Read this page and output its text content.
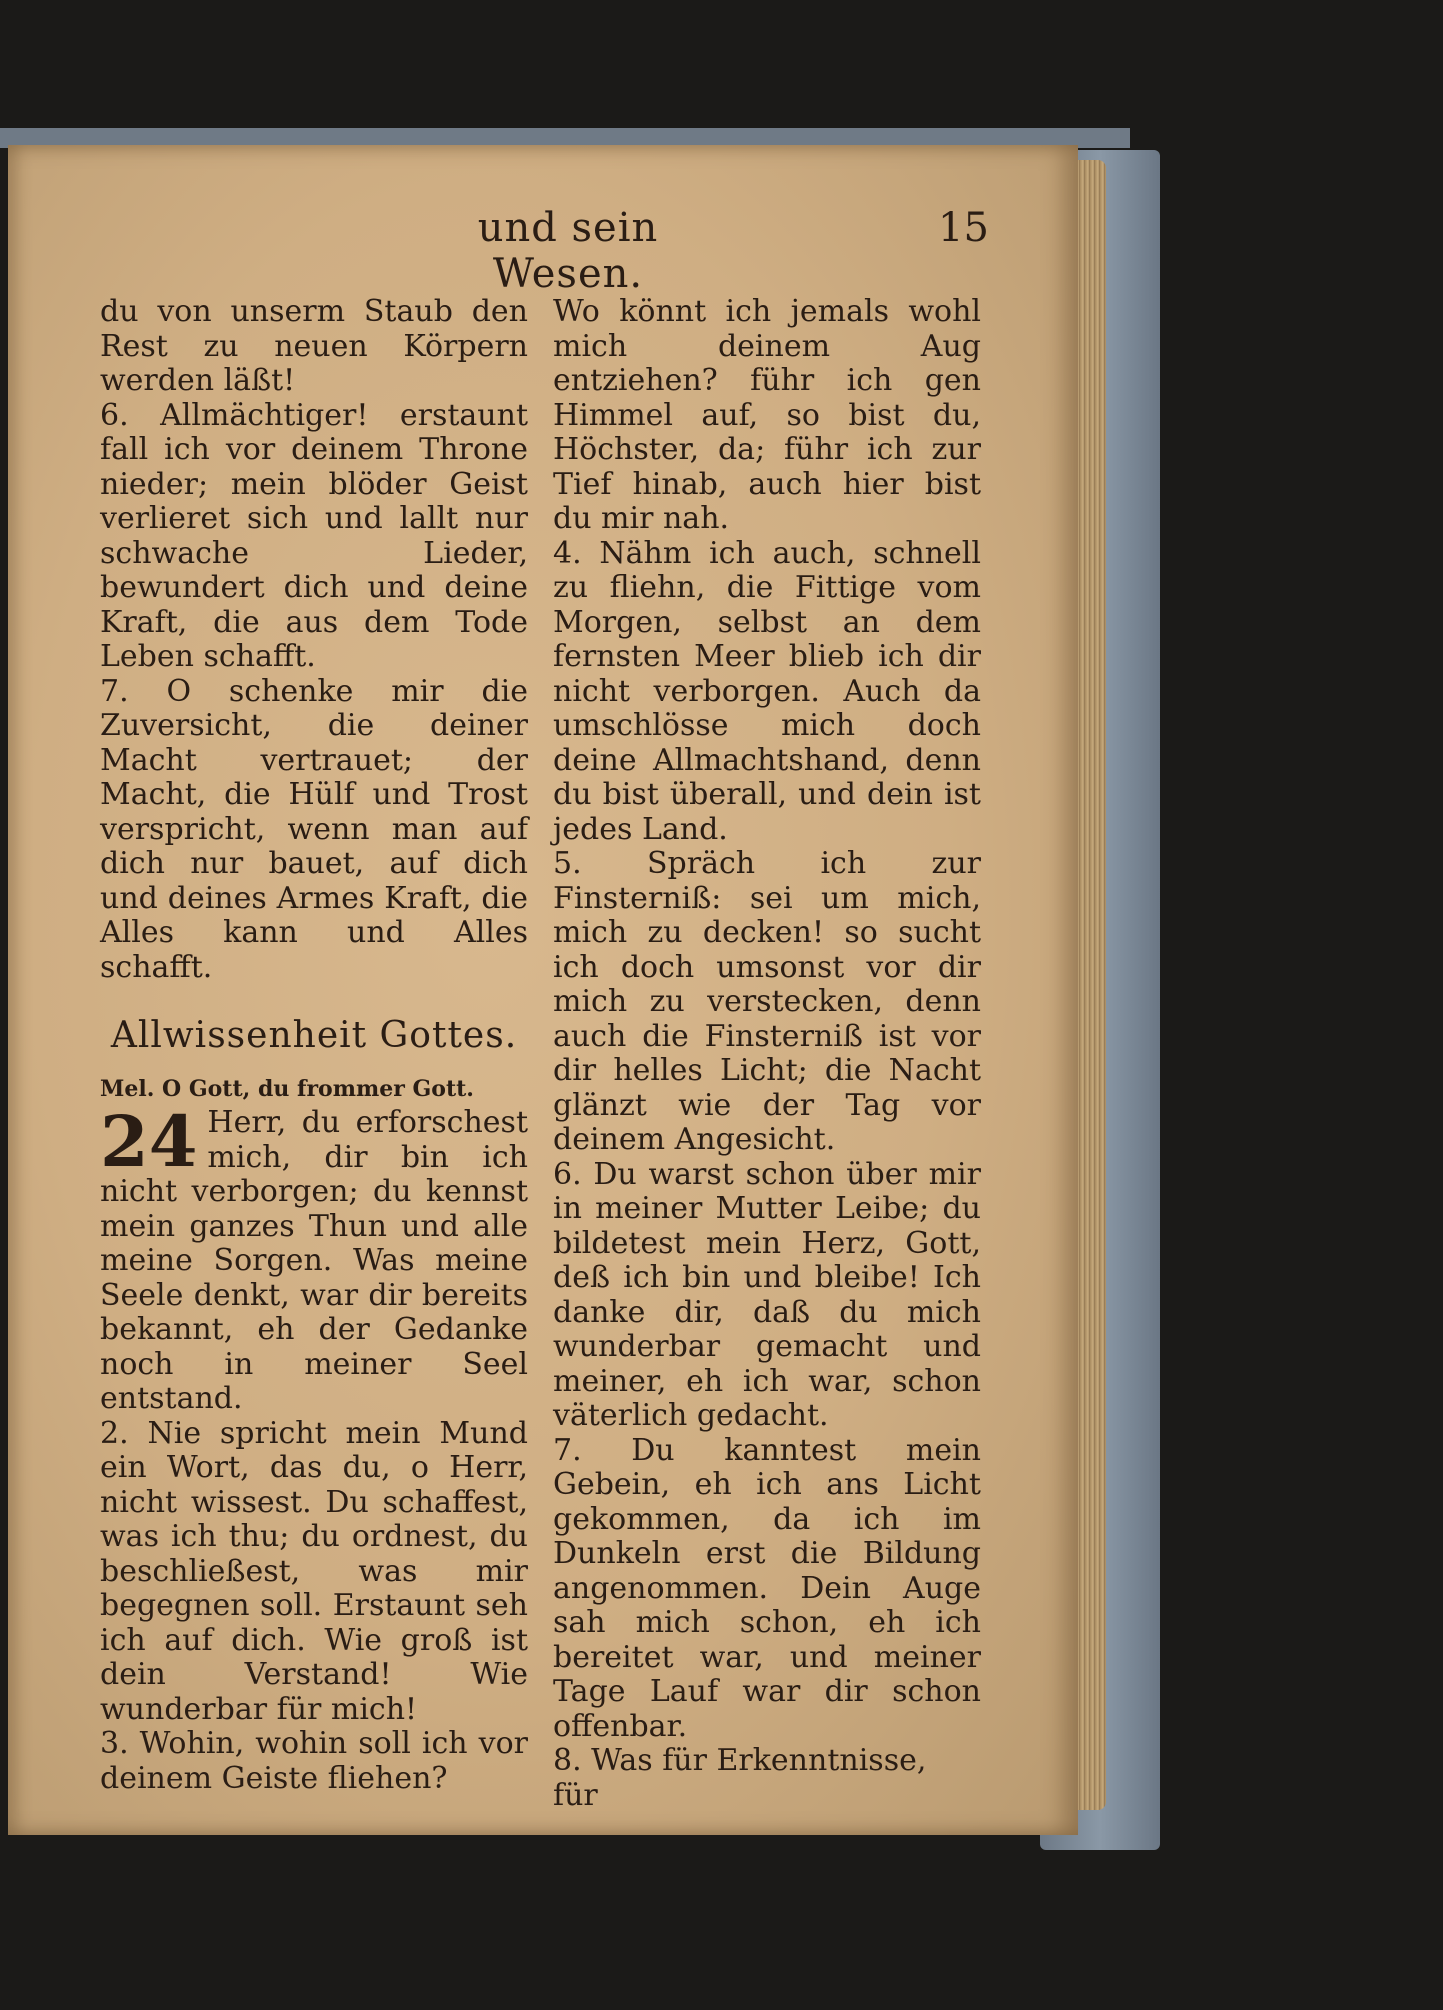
und sein Wesen.
15

du von unserm Staub den Rest zu neuen Körpern werden läßt!

6. Allmächtiger! erstaunt fall ich vor deinem Throne nieder; mein blöder Geist verlieret sich und lallt nur schwache Lieder, bewundert dich und deine Kraft, die aus dem Tode Leben schafft.

7. O schenke mir die Zuversicht, die deiner Macht vertrauet; der Macht, die Hülf und Trost verspricht, wenn man auf dich nur bauet, auf dich und deines Armes Kraft, die Alles kann und Alles schafft.

Allwissenheit Gottes.

Mel. O Gott, du frommer Gott.

24 Herr, du erforschest mich, dir bin ich nicht verborgen; du kennst mein ganzes Thun und alle meine Sorgen. Was meine Seele denkt, war dir bereits bekannt, eh der Gedanke noch in meiner Seel entstand.

2. Nie spricht mein Mund ein Wort, das du, o Herr, nicht wissest. Du schaffest, was ich thu; du ordnest, du beschließest, was mir begegnen soll. Erstaunt seh ich auf dich. Wie groß ist dein Verstand! Wie wunderbar für mich!

3. Wohin, wohin soll ich vor deinem Geiste fliehen?

Wo könnt ich jemals wohl mich deinem Aug entziehen? führ ich gen Himmel auf, so bist du, Höchster, da; führ ich zur Tief hinab, auch hier bist du mir nah.

4. Nähm ich auch, schnell zu fliehn, die Fittige vom Morgen, selbst an dem fernsten Meer blieb ich dir nicht verborgen. Auch da umschlösse mich doch deine Allmachtshand, denn du bist überall, und dein ist jedes Land.

5. Spräch ich zur Finsterniß: sei um mich, mich zu decken! so sucht ich doch umsonst vor dir mich zu verstecken, denn auch die Finsterniß ist vor dir helles Licht; die Nacht glänzt wie der Tag vor deinem Angesicht.

6. Du warst schon über mir in meiner Mutter Leibe; du bildetest mein Herz, Gott, deß ich bin und bleibe! Ich danke dir, daß du mich wunderbar gemacht und meiner, eh ich war, schon väterlich gedacht.

7. Du kanntest mein Gebein, eh ich ans Licht gekommen, da ich im Dunkeln erst die Bildung angenommen. Dein Auge sah mich schon, eh ich bereitet war, und meiner Tage Lauf war dir schon offenbar.

8. Was für Erkenntnisse,

für
